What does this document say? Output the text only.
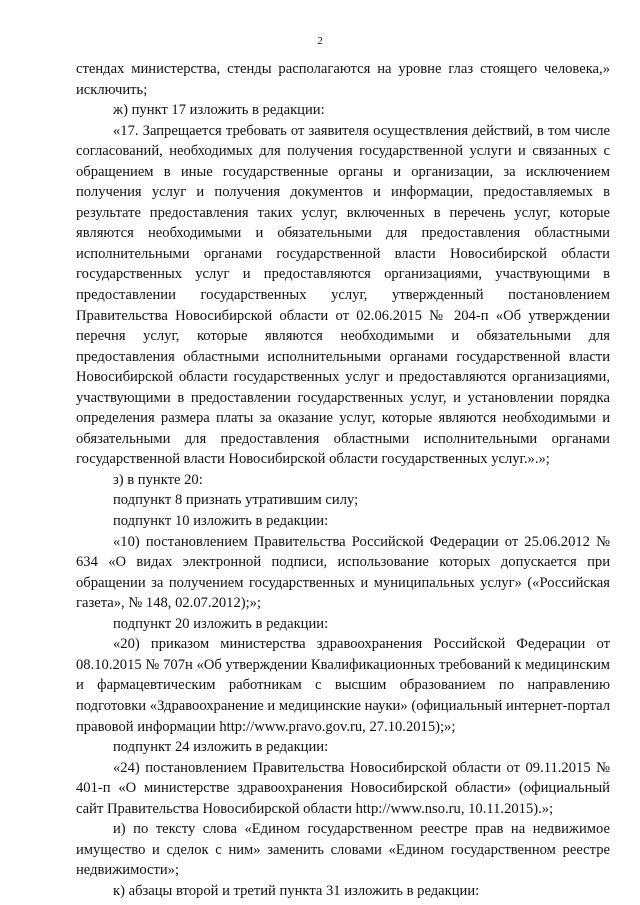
2

стендах министерства, стенды располагаются на уровне глаз стоящего человека,» исключить;

ж) пункт 17 изложить в редакции:

«17. Запрещается требовать от заявителя осуществления действий, в том числе согласований, необходимых для получения государственной услуги и связанных с обращением в иные государственные органы и организации, за исключением получения услуг и получения документов и информации, предоставляемых в результате предоставления таких услуг, включенных в перечень услуг, которые являются необходимыми и обязательными для предоставления областными исполнительными органами государственной власти Новосибирской области государственных услуг и предоставляются организациями, участвующими в предоставлении государственных услуг, утвержденный постановлением Правительства Новосибирской области от 02.06.2015 № 204-п «Об утверждении перечня услуг, которые являются необходимыми и обязательными для предоставления областными исполнительными органами государственной власти Новосибирской области государственных услуг и предоставляются организациями, участвующими в предоставлении государственных услуг, и установлении порядка определения размера платы за оказание услуг, которые являются необходимыми и обязательными для предоставления областными исполнительными органами государственной власти Новосибирской области государственных услуг.».»;

з) в пункте 20:

подпункт 8 признать утратившим силу;

подпункт 10 изложить в редакции:

«10) постановлением Правительства Российской Федерации от 25.06.2012 № 634 «О видах электронной подписи, использование которых допускается при обращении за получением государственных и муниципальных услуг» («Российская газета», № 148, 02.07.2012);»;

подпункт 20 изложить в редакции:

«20) приказом министерства здравоохранения Российской Федерации от 08.10.2015 № 707н «Об утверждении Квалификационных требований к медицинским и фармацевтическим работникам с высшим образованием по направлению подготовки «Здравоохранение и медицинские науки» (официальный интернет-портал правовой информации http://www.pravo.gov.ru, 27.10.2015);»;

подпункт 24 изложить в редакции:

«24) постановлением Правительства Новосибирской области от 09.11.2015 № 401-п «О министерстве здравоохранения Новосибирской области» (официальный сайт Правительства Новосибирской области http://www.nso.ru, 10.11.2015).»;

и) по тексту слова «Едином государственном реестре прав на недвижимое имущество и сделок с ним» заменить словами «Едином государственном реестре недвижимости»;

к) абзацы второй и третий пункта 31 изложить в редакции:
